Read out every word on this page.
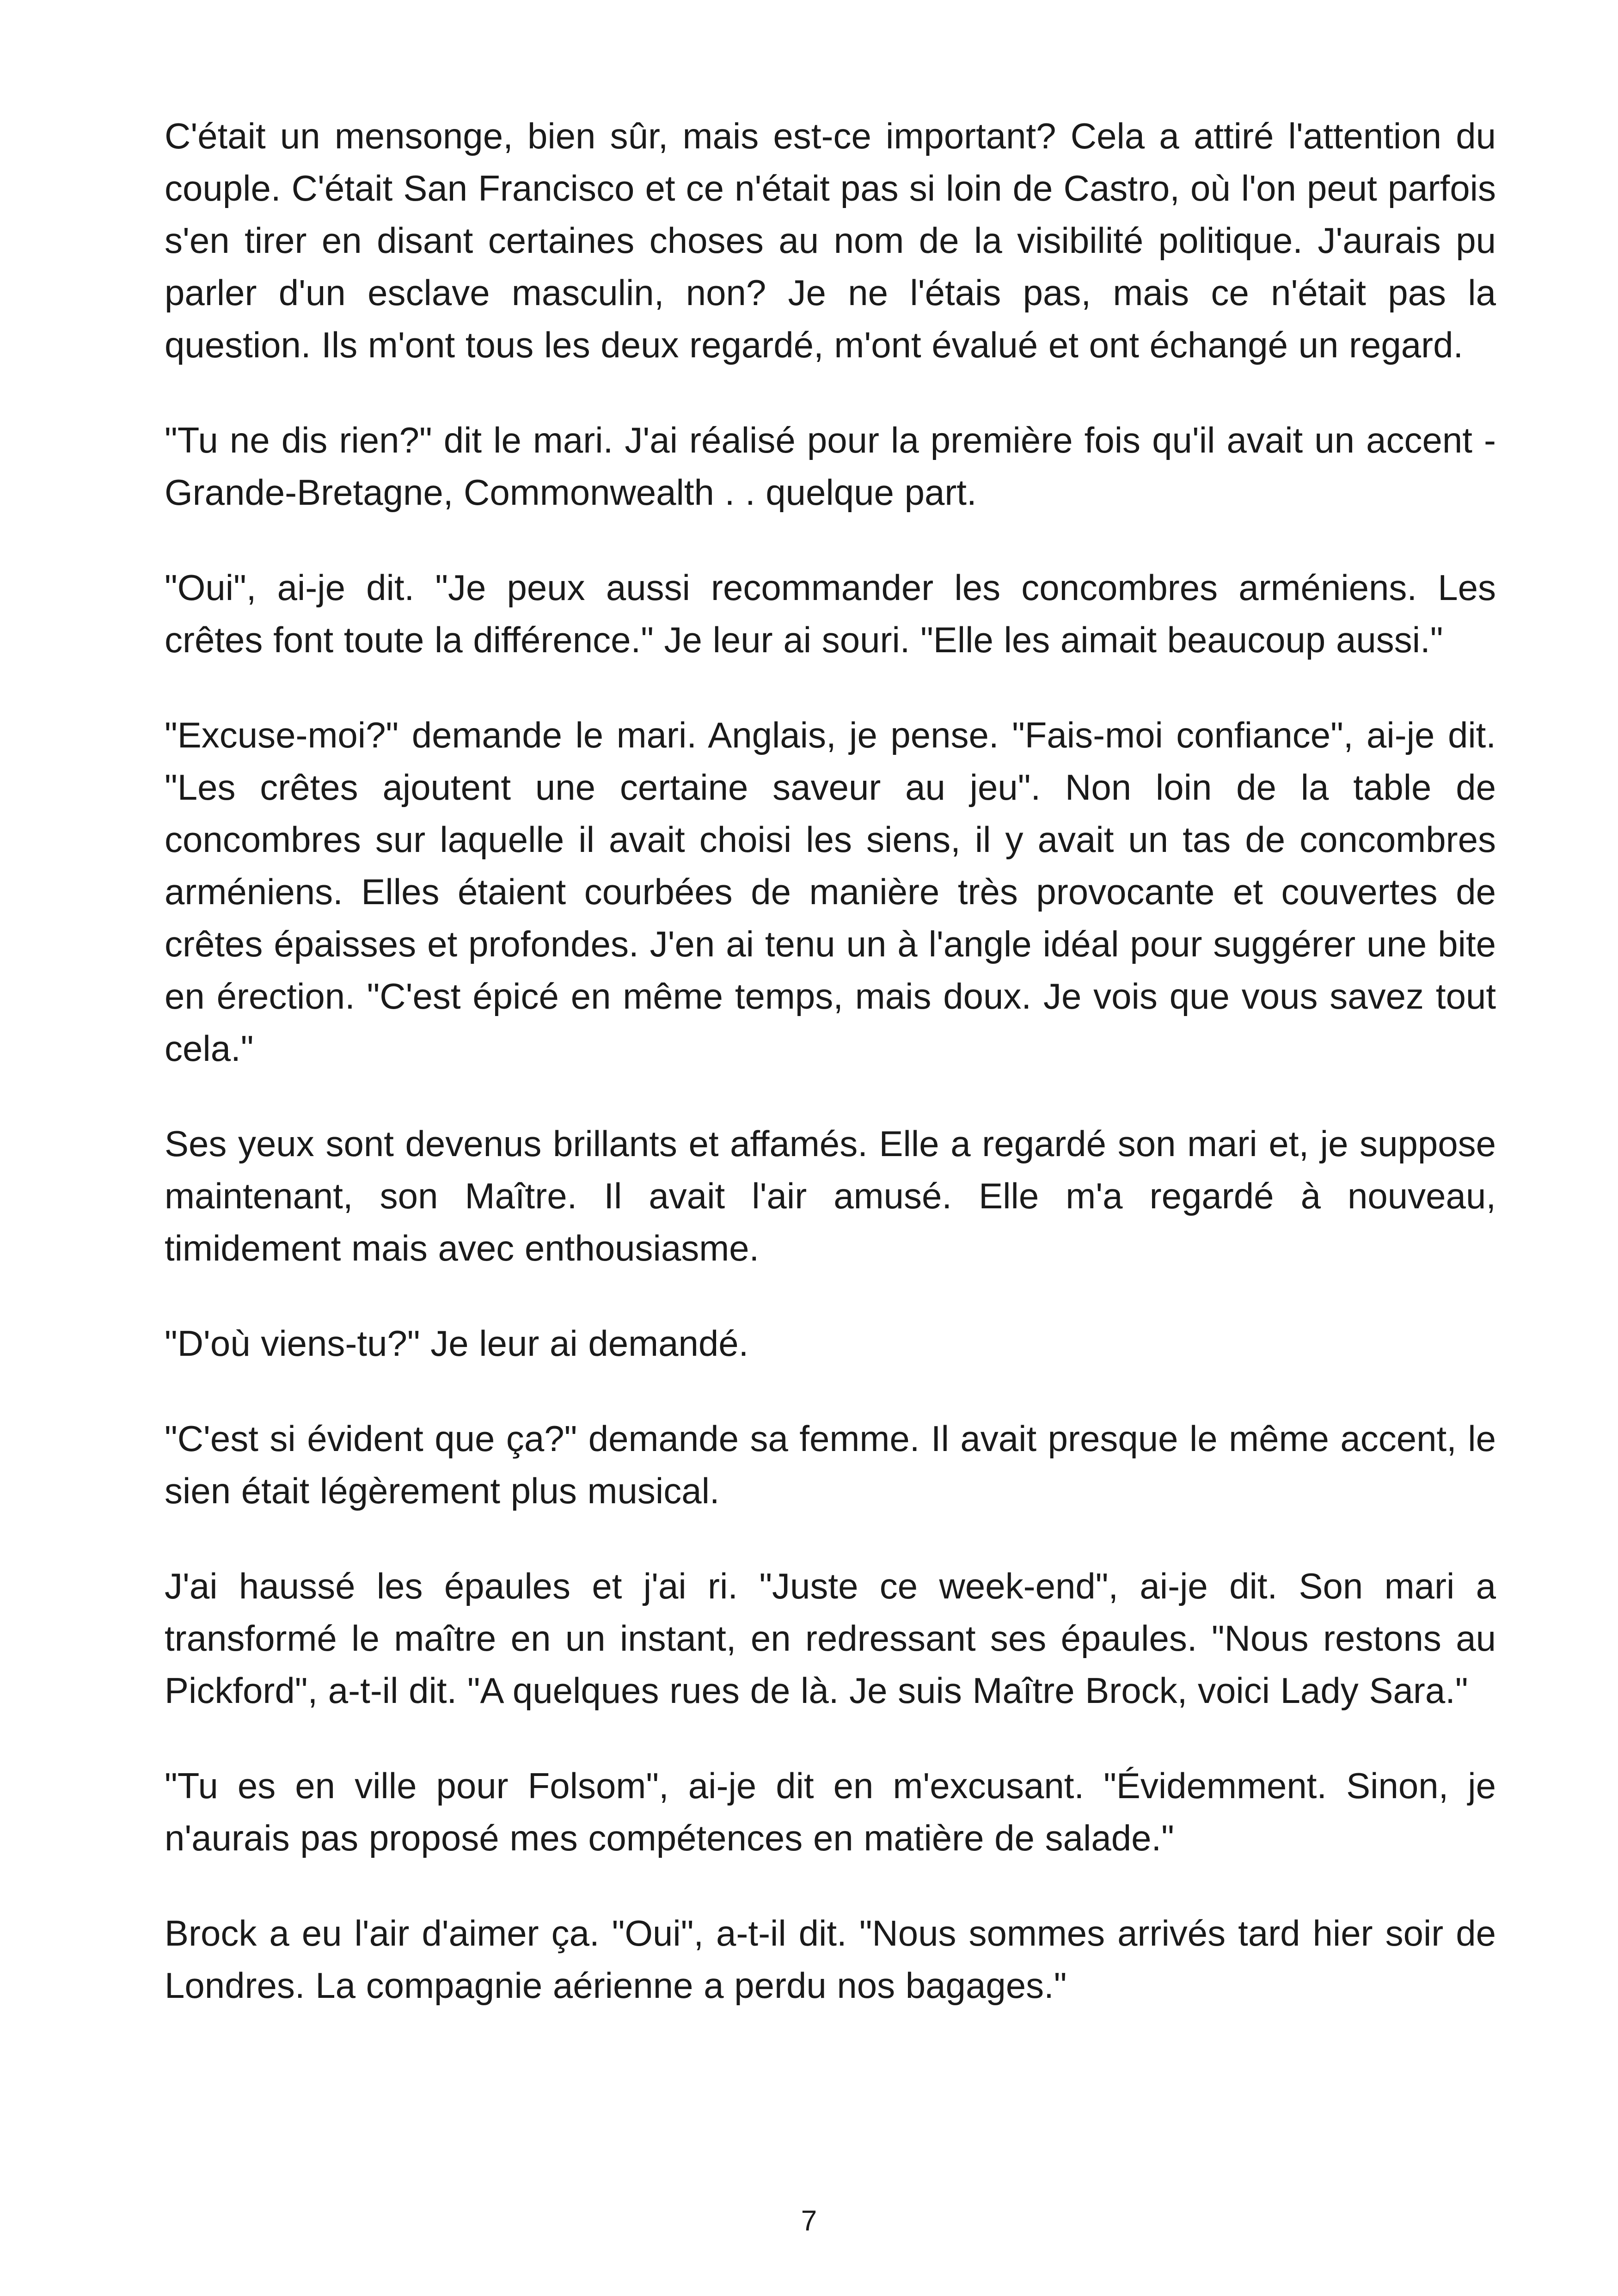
C'était un mensonge, bien sûr, mais est-ce important? Cela a attiré l'attention du couple. C'était San Francisco et ce n'était pas si loin de Castro, où l'on peut parfois s'en tirer en disant certaines choses au nom de la visibilité politique. J'aurais pu parler d'un esclave masculin, non? Je ne l'étais pas, mais ce n'était pas la question. Ils m'ont tous les deux regardé, m'ont évalué et ont échangé un regard.

"Tu ne dis rien?" dit le mari. J'ai réalisé pour la première fois qu'il avait un accent - Grande-Bretagne, Commonwealth . . quelque part.

"Oui", ai-je dit. "Je peux aussi recommander les concombres arméniens. Les crêtes font toute la différence." Je leur ai souri. "Elle les aimait beaucoup aussi."

"Excuse-moi?" demande le mari. Anglais, je pense. "Fais-moi confiance", ai-je dit. "Les crêtes ajoutent une certaine saveur au jeu". Non loin de la table de concombres sur laquelle il avait choisi les siens, il y avait un tas de concombres arméniens. Elles étaient courbées de manière très provocante et couvertes de crêtes épaisses et profondes. J'en ai tenu un à l'angle idéal pour suggérer une bite en érection. "C'est épicé en même temps, mais doux. Je vois que vous savez tout cela."

Ses yeux sont devenus brillants et affamés. Elle a regardé son mari et, je suppose maintenant, son Maître. Il avait l'air amusé. Elle m'a regardé à nouveau, timidement mais avec enthousiasme.

"D'où viens-tu?" Je leur ai demandé.

"C'est si évident que ça?" demande sa femme. Il avait presque le même accent, le sien était légèrement plus musical.

J'ai haussé les épaules et j'ai ri. "Juste ce week-end", ai-je dit. Son mari a transformé le maître en un instant, en redressant ses épaules. "Nous restons au Pickford", a-t-il dit. "A quelques rues de là. Je suis Maître Brock, voici Lady Sara."

"Tu es en ville pour Folsom", ai-je dit en m'excusant. "Évidemment. Sinon, je n'aurais pas proposé mes compétences en matière de salade."

Brock a eu l'air d'aimer ça. "Oui", a-t-il dit. "Nous sommes arrivés tard hier soir de Londres. La compagnie aérienne a perdu nos bagages."

7
